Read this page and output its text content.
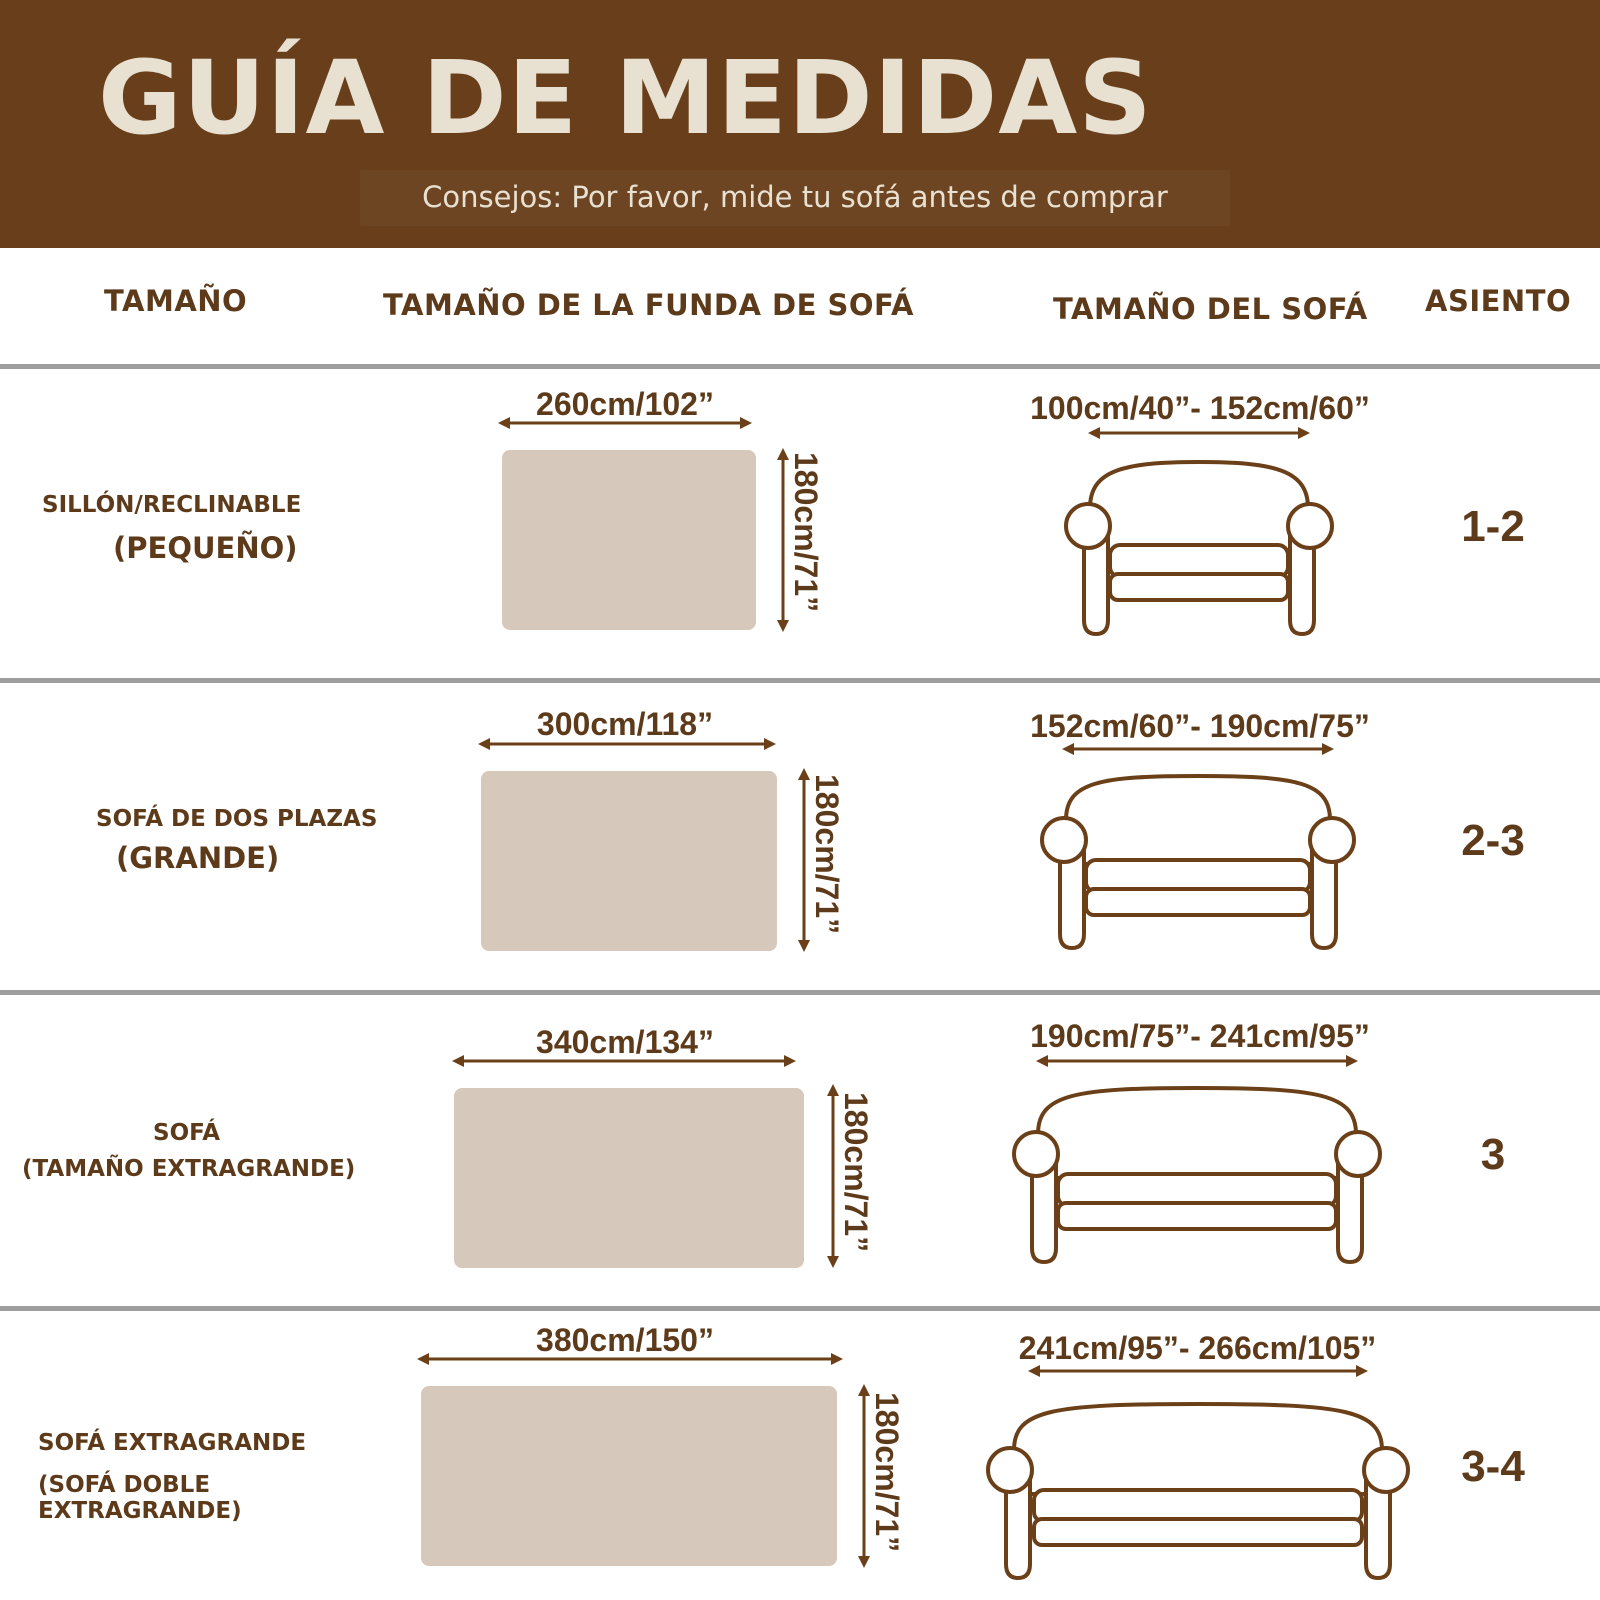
GUÍA DE MEDIDAS
Consejos: Por favor, mide tu sofá antes de comprar
TAMAÑO	TAMAÑO DE LA FUNDA DE SOFÁ	TAMAÑO DEL SOFÁ ASIENTO
SILLÓN/RECLINABLE
(PEQUEÑO)
260cm/102”
180cm/71”
100cm/40”- 152cm/60”
1-2
SOFÁ DE DOS PLAZAS
(GRANDE)
300cm/118”
180cm/71”
152cm/60”- 190cm/75”
2-3
SOFÁ
(TAMAÑO EXTRAGRANDE)
340cm/134”
180cm/71”
190cm/75”- 241cm/95”
3
SOFÁ EXTRAGRANDE
(SOFÁ DOBLE
EXTRAGRANDE)
380cm/150”
180cm/71”
241cm/95”- 266cm/105”
3-4
